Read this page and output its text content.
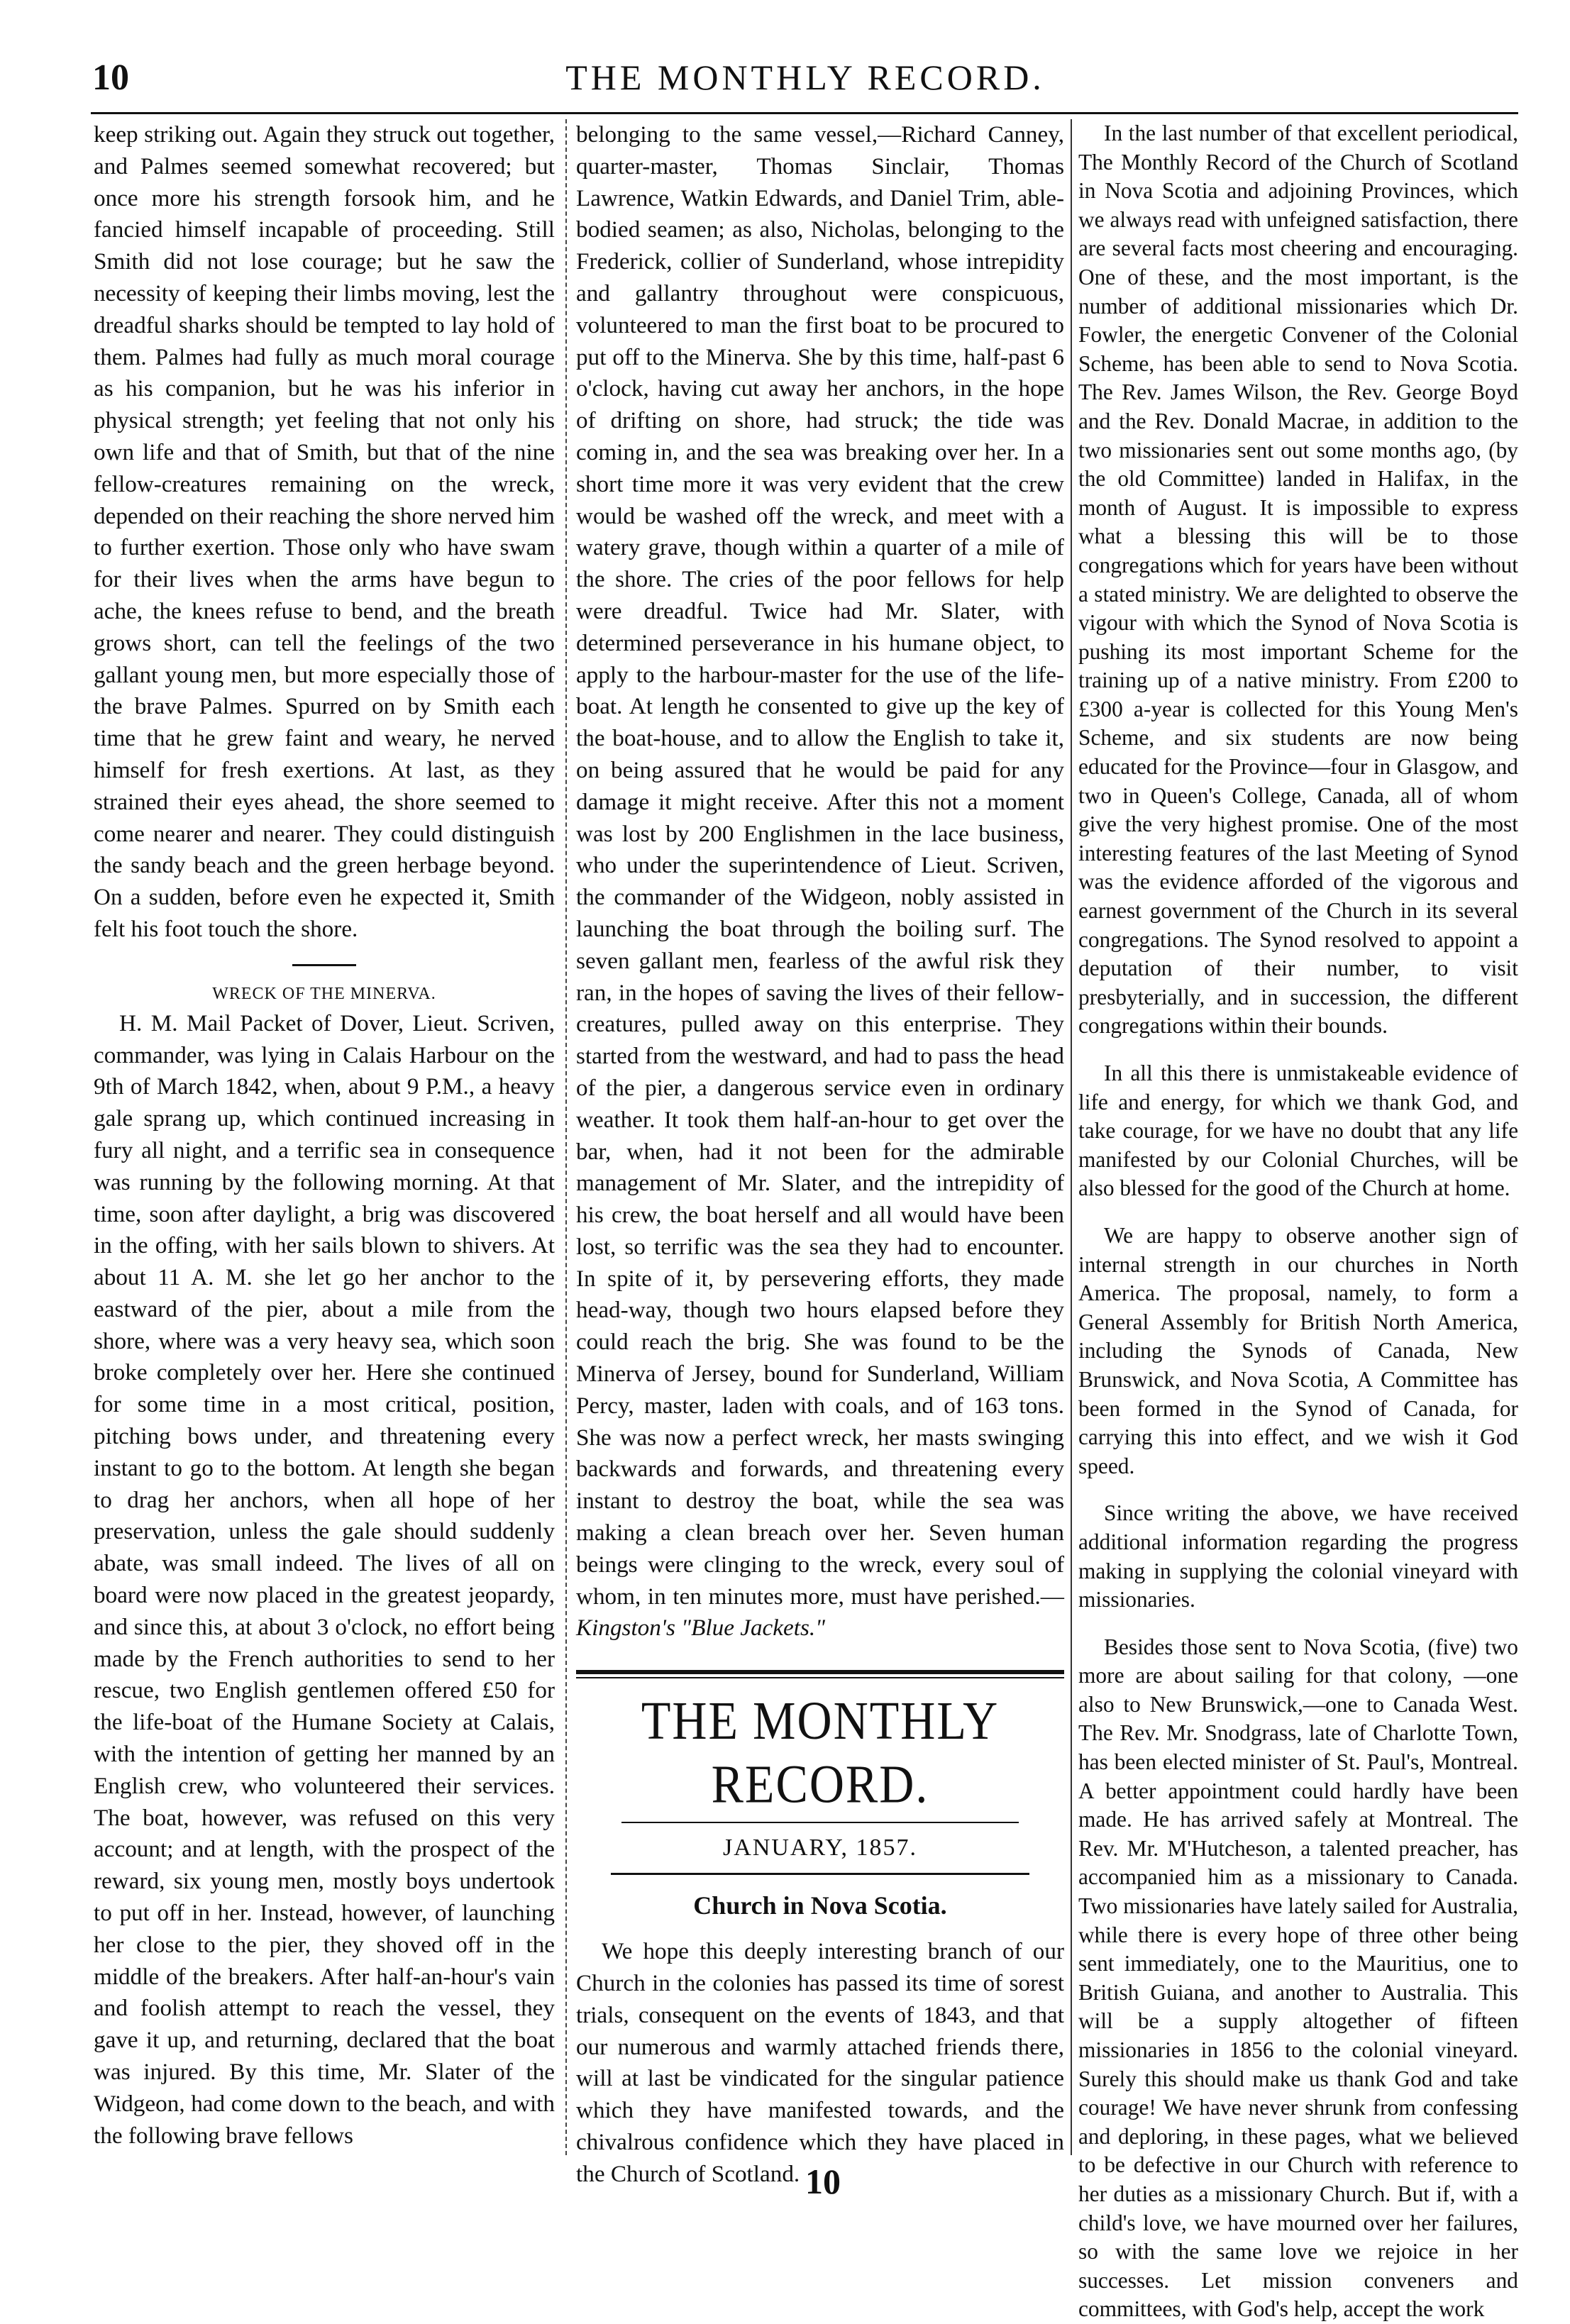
10	THE MONTHLY RECORD.

keep striking out. Again they struck out together, and Palmes seemed somewhat recovered; but once more his strength forsook him, and he fancied himself incapable of proceeding. Still Smith did not lose courage; but he saw the necessity of keeping their limbs moving, lest the dreadful sharks should be tempted to lay hold of them. Palmes had fully as much moral courage as his companion, but he was his inferior in physical strength; yet feeling that not only his own life and that of Smith, but that of the nine fellow-creatures remaining on the wreck, depended on their reaching the shore nerved him to further exertion. Those only who have swam for their lives when the arms have begun to ache, the knees refuse to bend, and the breath grows short, can tell the feelings of the two gallant young men, but more especially those of the brave Palmes. Spurred on by Smith each time that he grew faint and weary, he nerved himself for fresh exertions. At last, as they strained their eyes ahead, the shore seemed to come nearer and nearer. They could distinguish the sandy beach and the green herbage beyond. On a sudden, before even he expected it, Smith felt his foot touch the shore.

WRECK OF THE MINERVA.

H. M. Mail Packet of Dover, Lieut. Scriven, commander, was lying in Calais Harbour on the 9th of March 1842, when, about 9 P.M., a heavy gale sprang up, which continued increasing in fury all night, and a terrific sea in consequence was running by the following morning. At that time, soon after daylight, a brig was discovered in the offing, with her sails blown to shivers. At about 11 A. M. she let go her anchor to the eastward of the pier, about a mile from the shore, where was a very heavy sea, which soon broke completely over her. Here she continued for some time in a most critical, position, pitching bows under, and threatening every instant to go to the bottom. At length she began to drag her anchors, when all hope of her preservation, unless the gale should suddenly abate, was small indeed. The lives of all on board were now placed in the greatest jeopardy, and since this, at about 3 o'clock, no effort being made by the French authorities to send to her rescue, two English gentlemen offered £50 for the life-boat of the Humane Society at Calais, with the intention of getting her manned by an English crew, who volunteered their services. The boat, however, was refused on this very account; and at length, with the prospect of the reward, six young men, mostly boys undertook to put off in her. Instead, however, of launching her close to the pier, they shoved off in the middle of the breakers. After half-an-hour's vain and foolish attempt to reach the vessel, they gave it up, and returning, declared that the boat was injured. By this time, Mr. Slater of the Widgeon, had come down to the beach, and with the following brave fellows

belonging to the same vessel,—Richard Canney, quarter-master, Thomas Sinclair, Thomas Lawrence, Watkin Edwards, and Daniel Trim, able-bodied seamen; as also, Nicholas, belonging to the Frederick, collier of Sunderland, whose intrepidity and gallantry throughout were conspicuous, volunteered to man the first boat to be procured to put off to the Minerva. She by this time, half-past 6 o'clock, having cut away her anchors, in the hope of drifting on shore, had struck; the tide was coming in, and the sea was breaking over her. In a short time more it was very evident that the crew would be washed off the wreck, and meet with a watery grave, though within a quarter of a mile of the shore. The cries of the poor fellows for help were dreadful. Twice had Mr. Slater, with determined perseverance in his humane object, to apply to the harbour-master for the use of the life-boat. At length he consented to give up the key of the boat-house, and to allow the English to take it, on being assured that he would be paid for any damage it might receive. After this not a moment was lost by 200 Englishmen in the lace business, who under the superintendence of Lieut. Scriven, the commander of the Widgeon, nobly assisted in launching the boat through the boiling surf. The seven gallant men, fearless of the awful risk they ran, in the hopes of saving the lives of their fellow-creatures, pulled away on this enterprise. They started from the westward, and had to pass the head of the pier, a dangerous service even in ordinary weather. It took them half-an-hour to get over the bar, when, had it not been for the admirable management of Mr. Slater, and the intrepidity of his crew, the boat herself and all would have been lost, so terrific was the sea they had to encounter. In spite of it, by persevering efforts, they made head-way, though two hours elapsed before they could reach the brig. She was found to be the Minerva of Jersey, bound for Sunderland, William Percy, master, laden with coals, and of 163 tons. She was now a perfect wreck, her masts swinging backwards and forwards, and threatening every instant to destroy the boat, while the sea was making a clean breach over her. Seven human beings were clinging to the wreck, every soul of whom, in ten minutes more, must have perished.— Kingston's "Blue Jackets."

THE MONTHLY RECORD.
JANUARY, 1857.
Church in Nova Scotia.

We hope this deeply interesting branch of our Church in the colonies has passed its time of sorest trials, consequent on the events of 1843, and that our numerous and warmly attached friends there, will at last be vindicated for the singular patience which they have manifested towards, and the chivalrous confidence which they have placed in the Church of Scotland.

In the last number of that excellent periodical, The Monthly Record of the Church of Scotland in Nova Scotia and adjoining Provinces, which we always read with unfeigned satisfaction, there are several facts most cheering and encouraging. One of these, and the most important, is the number of additional missionaries which Dr. Fowler, the energetic Convener of the Colonial Scheme, has been able to send to Nova Scotia. The Rev. James Wilson, the Rev. George Boyd and the Rev. Donald Macrae, in addition to the two missionaries sent out some months ago, (by the old Committee) landed in Halifax, in the month of August. It is impossible to express what a blessing this will be to those congregations which for years have been without a stated ministry. We are delighted to observe the vigour with which the Synod of Nova Scotia is pushing its most important Scheme for the training up of a native ministry. From £200 to £300 a-year is collected for this Young Men's Scheme, and six students are now being educated for the Province—four in Glasgow, and two in Queen's College, Canada, all of whom give the very highest promise. One of the most interesting features of the last Meeting of Synod was the evidence afforded of the vigorous and earnest government of the Church in its several congregations. The Synod resolved to appoint a deputation of their number, to visit presbyterially, and in succession, the different congregations within their bounds.

In all this there is unmistakeable evidence of life and energy, for which we thank God, and take courage, for we have no doubt that any life manifested by our Colonial Churches, will be also blessed for the good of the Church at home.

We are happy to observe another sign of internal strength in our churches in North America. The proposal, namely, to form a General Assembly for British North America, including the Synods of Canada, New Brunswick, and Nova Scotia, A Committee has been formed in the Synod of Canada, for carrying this into effect, and we wish it God speed.

Since writing the above, we have received additional information regarding the progress making in supplying the colonial vineyard with missionaries.

Besides those sent to Nova Scotia, (five) two more are about sailing for that colony, —one also to New Brunswick,—one to Canada West. The Rev. Mr. Snodgrass, late of Charlotte Town, has been elected minister of St. Paul's, Montreal. A better appointment could hardly have been made. He has arrived safely at Montreal. The Rev. Mr. M'Hutcheson, a talented preacher, has accompanied him as a missionary to Canada. Two missionaries have lately sailed for Australia, while there is every hope of three other being sent immediately, one to the Mauritius, one to British Guiana, and another to Australia. This will be a supply altogether of fifteen missionaries in 1856 to the colonial vineyard. Surely this should make us thank God and take courage! We have never shrunk from confessing and deploring, in these pages, what we believed to be defective in our Church with reference to her duties as a missionary Church. But if, with a child's love, we have mourned over her failures, so with the same love we rejoice in her successes. Let mission conveners and committees, with God's help, accept the work

10
